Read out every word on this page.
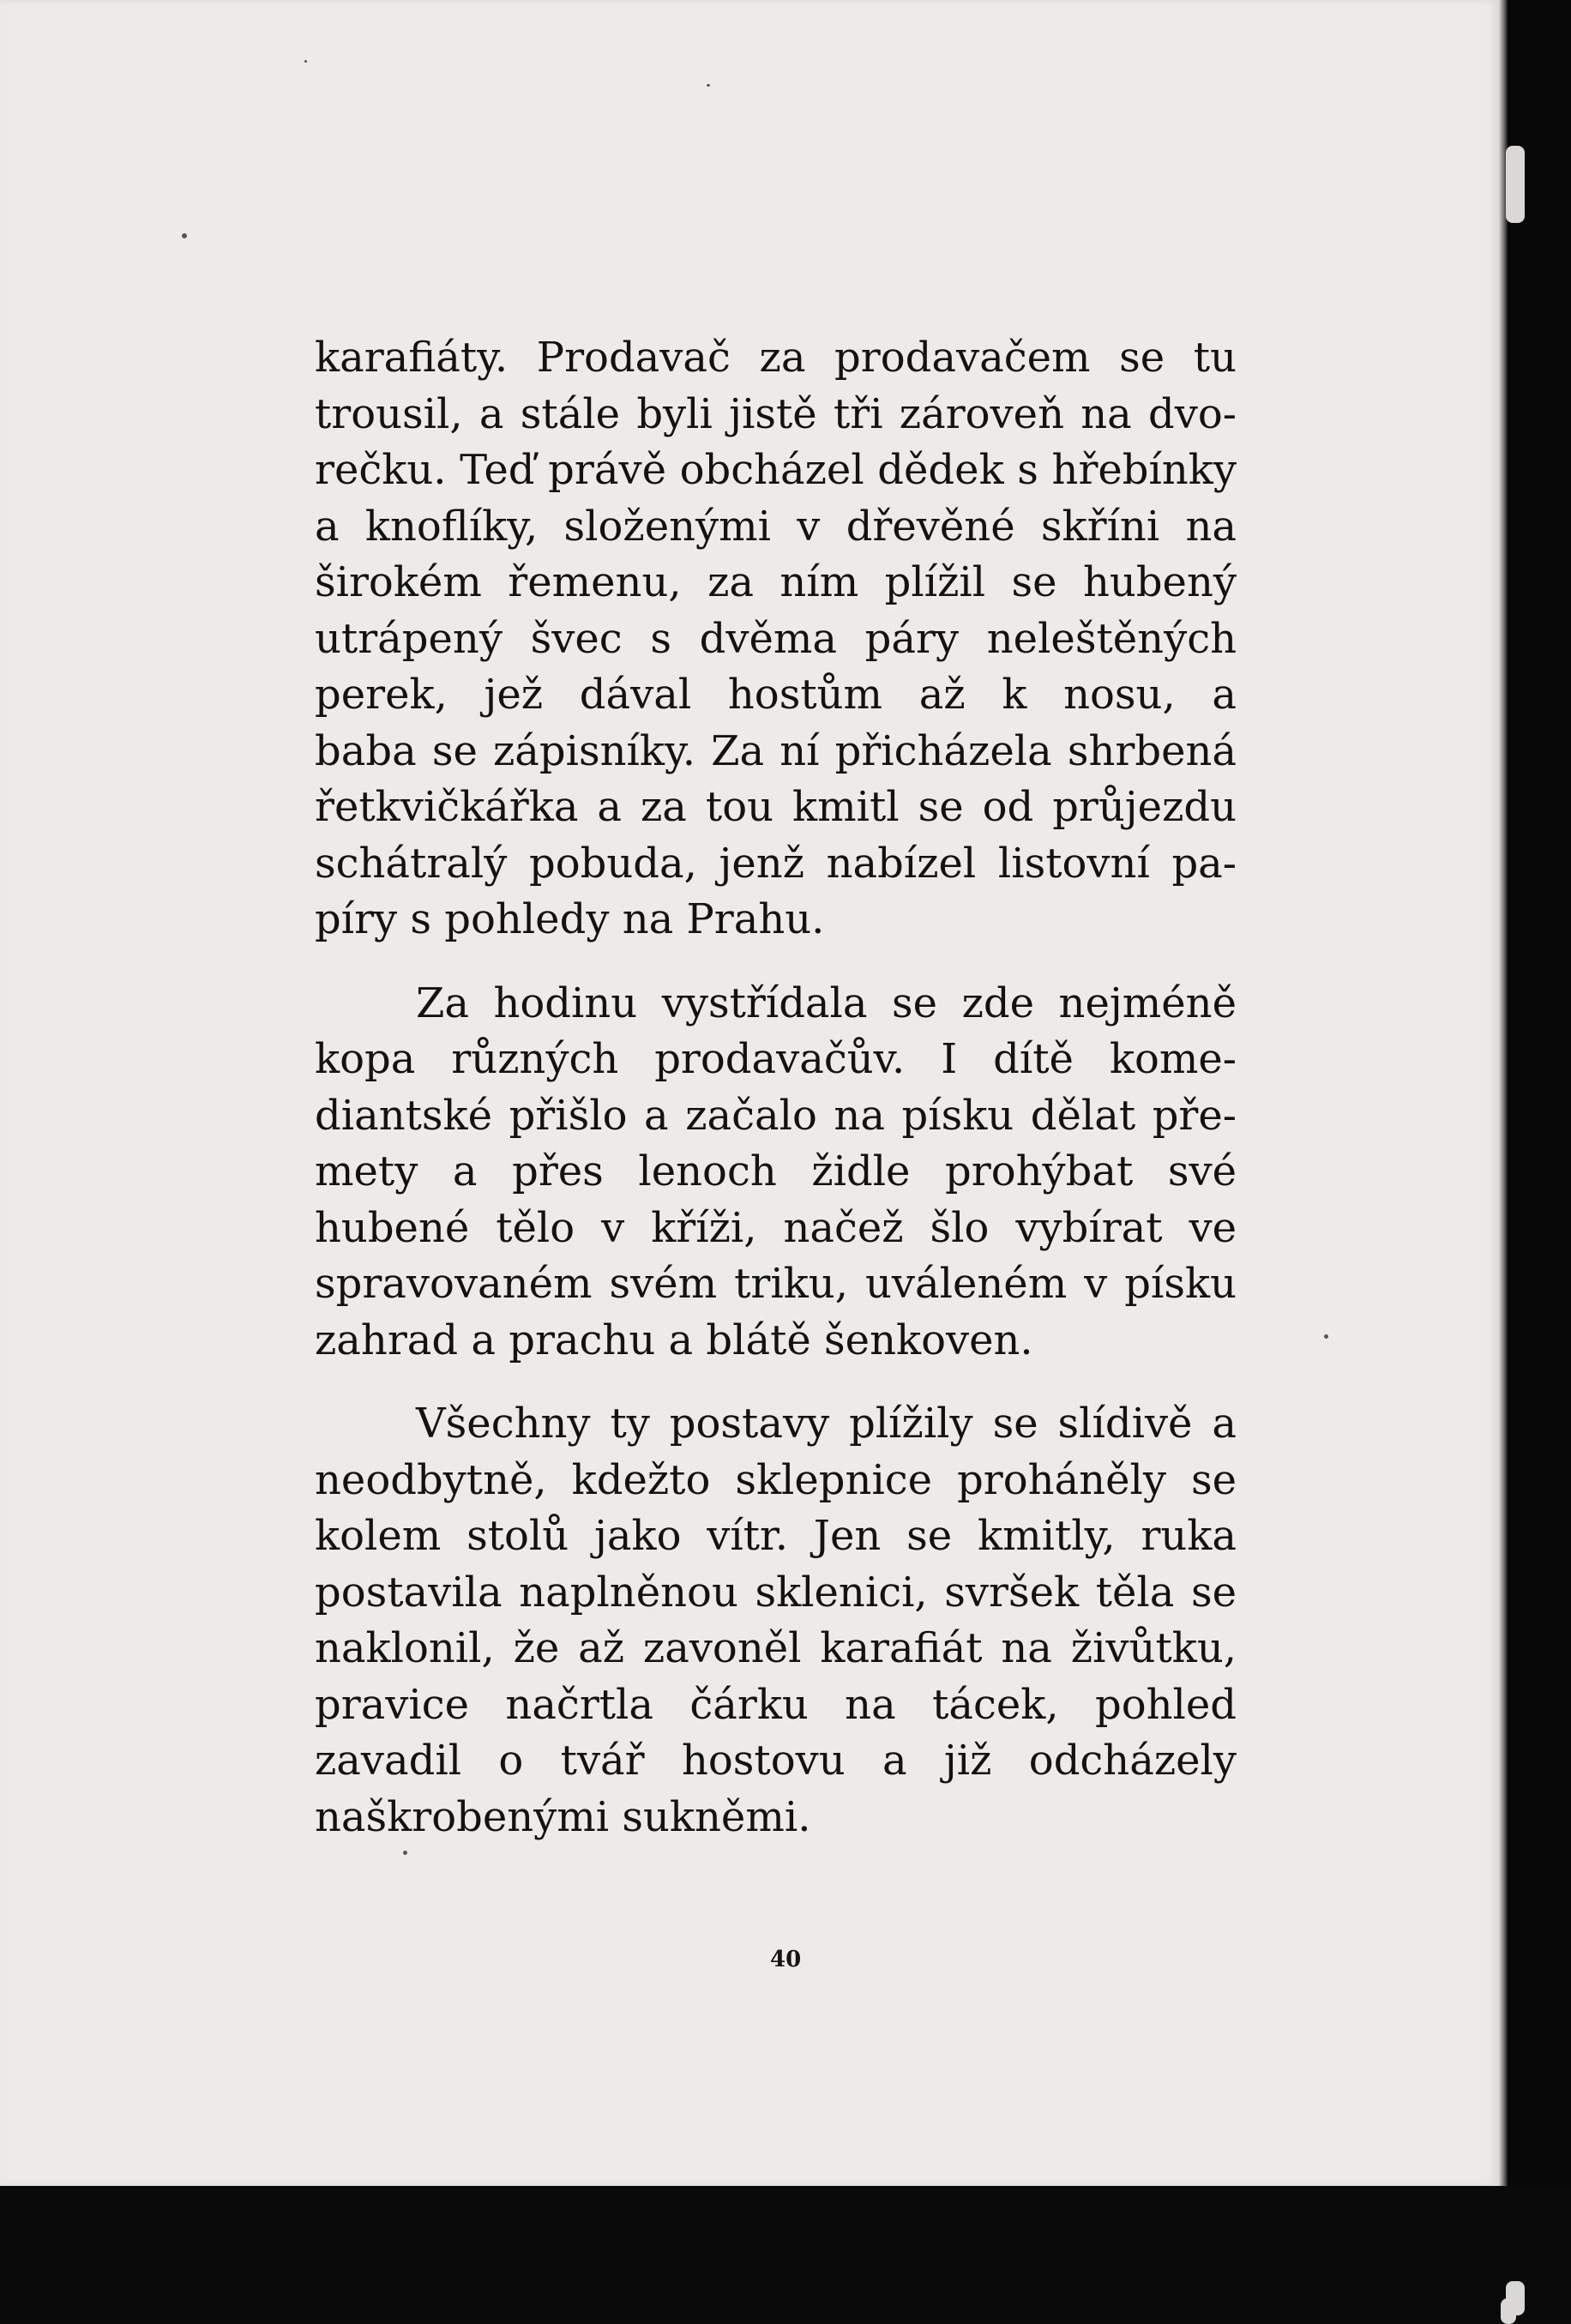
karafiáty. Prodavač za prodavačem se tu
trousil, a stále byli jistě tři zároveň na dvo-
rečku. Teď právě obcházel dědek s hřebínky
a knoflíky, složenými v dřevěné skříni na
širokém řemenu, za ním plížil se hubený
utrápený švec s dvěma páry neleštěných
perek, jež dával hostům až k nosu, a
baba se zápisníky. Za ní přicházela shrbená
řetkvičkářka a za tou kmitl se od průjezdu
schátralý pobuda, jenž nabízel listovní pa-
píry s pohledy na Prahu.
Za hodinu vystřídala se zde nejméně
kopa různých prodavačův. I dítě kome-
diantské přišlo a začalo na písku dělat pře-
mety a přes lenoch židle prohýbat své
hubené tělo v kříži, načež šlo vybírat ve
spravovaném svém triku, uváleném v písku
zahrad a prachu a blátě šenkoven.
Všechny ty postavy plížily se slídivě a
neodbytně, kdežto sklepnice proháněly se
kolem stolů jako vítr. Jen se kmitly, ruka
postavila naplněnou sklenici, svršek těla se
naklonil, že až zavoněl karafiát na živůtku,
pravice načrtla čárku na tácek, pohled
zavadil o tvář hostovu a již odcházely
naškrobenými sukněmi.
40
